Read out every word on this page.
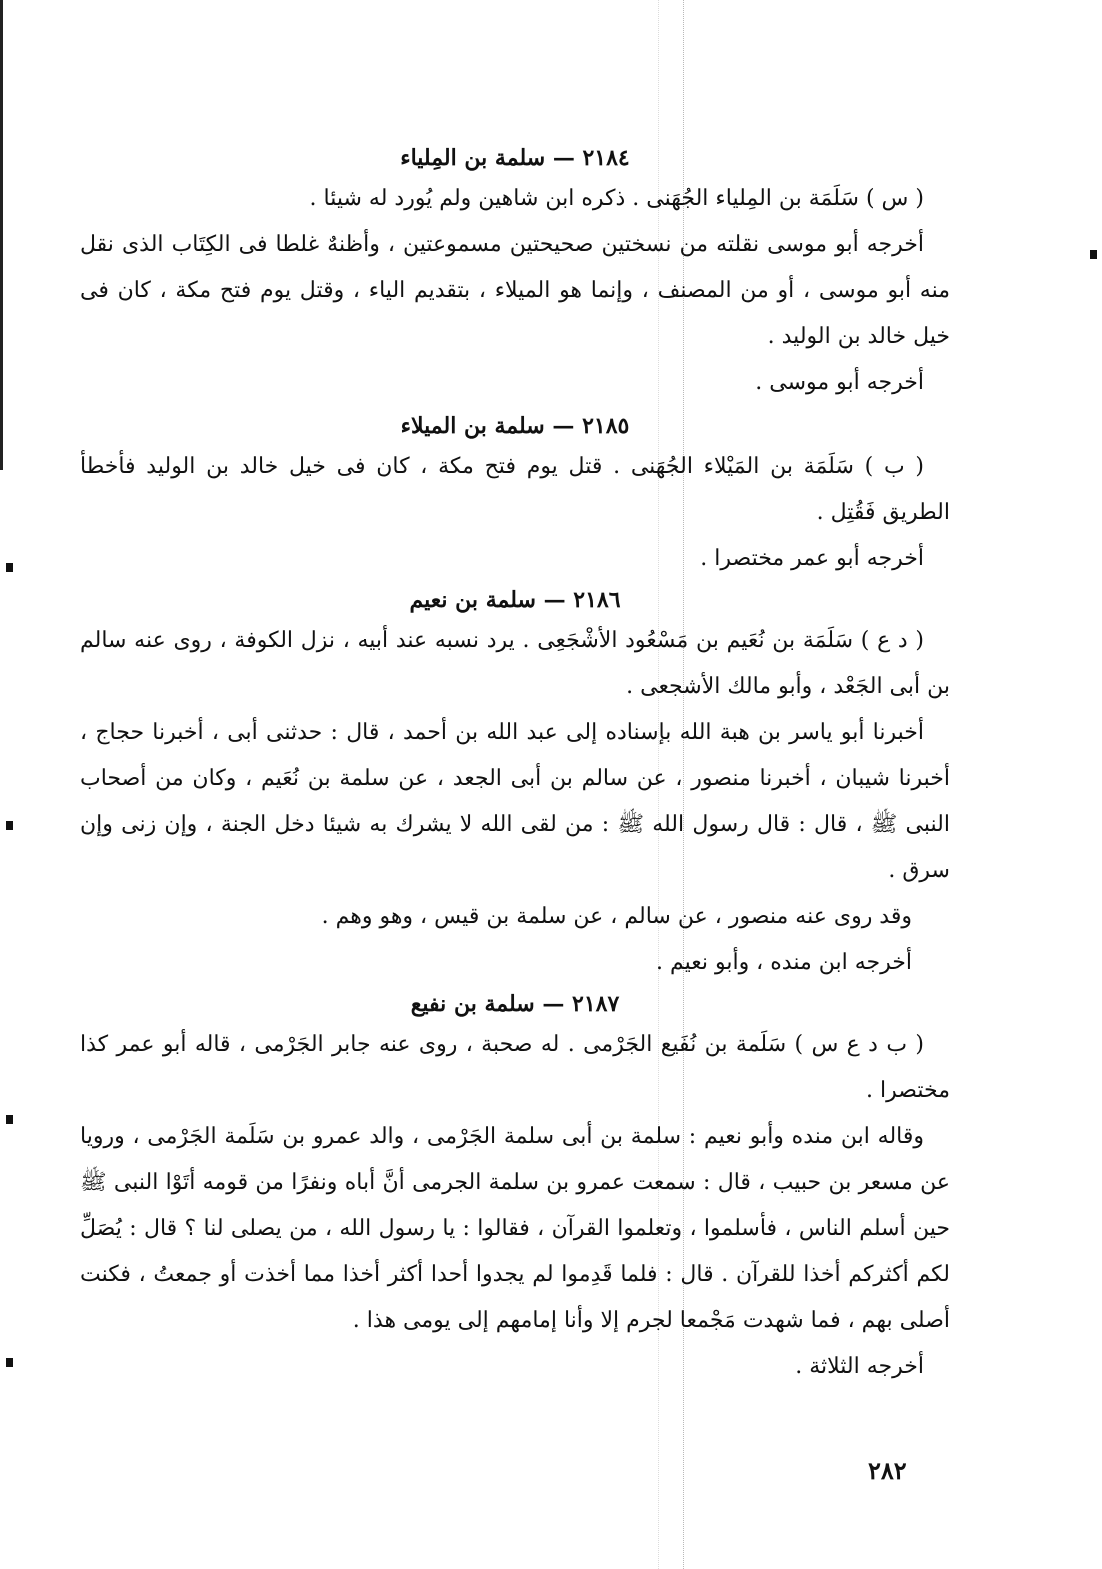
٢١٨٤ — سلمة بن المِلياء

( س ) سَلَمَة بن المِلياء الجُهَنى . ذكره ابن شاهين ولم يُورد له شيئا .

أخرجه أبو موسى نقلته من نسختين صحيحتين مسموعتين ، وأظنهٌ غلطا فى الكِتَاب الذى نقل منه أبو موسى ، أو من المصنف ، وإنما هو الميلاء ، بتقديم الياء ، وقتل يوم فتح مكة ، كان فى خيل خالد بن الوليد .

أخرجه أبو موسى .

٢١٨٥ — سلمة بن الميلاء

( ب ) سَلَمَة بن المَيْلاء الجُهَنى . قتل يوم فتح مكة ، كان فى خيل خالد بن الوليد فأخطأ الطريق فَقُتِل .

أخرجه أبو عمر مختصرا .

٢١٨٦ — سلمة بن نعيم

( د ع ) سَلَمَة بن نُعَيم بن مَسْعُود الأشْجَعِى . يرد نسبه عند أبيه ، نزل الكوفة ، روى عنه سالم بن أبى الجَعْد ، وأبو مالك الأشجعى .

أخبرنا أبو ياسر بن هبة الله بإسناده إلى عبد الله بن أحمد ، قال : حدثنى أبى ، أخبرنا حجاج ، أخبرنا شيبان ، أخبرنا منصور ، عن سالم بن أبى الجعد ، عن سلمة بن نُعَيم ، وكان من أصحاب النبى ﷺ ، قال : قال رسول الله ﷺ : من لقى الله لا يشرك به شيئا دخل الجنة ، وإن زنى وإن سرق .

وقد روى عنه منصور ، عن سالم ، عن سلمة بن قيس ، وهو وهم .

أخرجه ابن منده ، وأبو نعيم .

٢١٨٧ — سلمة بن نفيع

( ب د ع س ) سَلَمة بن نُفَيع الجَرْمى . له صحبة ، روى عنه جابر الجَرْمى ، قاله أبو عمر كذا مختصرا .

وقاله ابن منده وأبو نعيم : سلمة بن أبى سلمة الجَرْمى ، والد عمرو بن سَلَمة الجَرْمى ، ورويا عن مسعر بن حبيب ، قال : سمعت عمرو بن سلمة الجرمى أنَّ أباه ونفرًا من قومه أتَوْا النبى ﷺ حين أسلم الناس ، فأسلموا ، وتعلموا القرآن ، فقالوا : يا رسول الله ، من يصلى لنا ؟ قال : يُصَلِّ لكم أكثركم أخذا للقرآن . قال : فلما قَدِموا لم يجدوا أحدا أكثر أخذا مما أخذت أو جمعتُ ، فكنت أصلى بهم ، فما شهدت مَجْمعا لجرم إلا وأنا إمامهم إلى يومى هذا .

أخرجه الثلاثة .

٢٨٢
